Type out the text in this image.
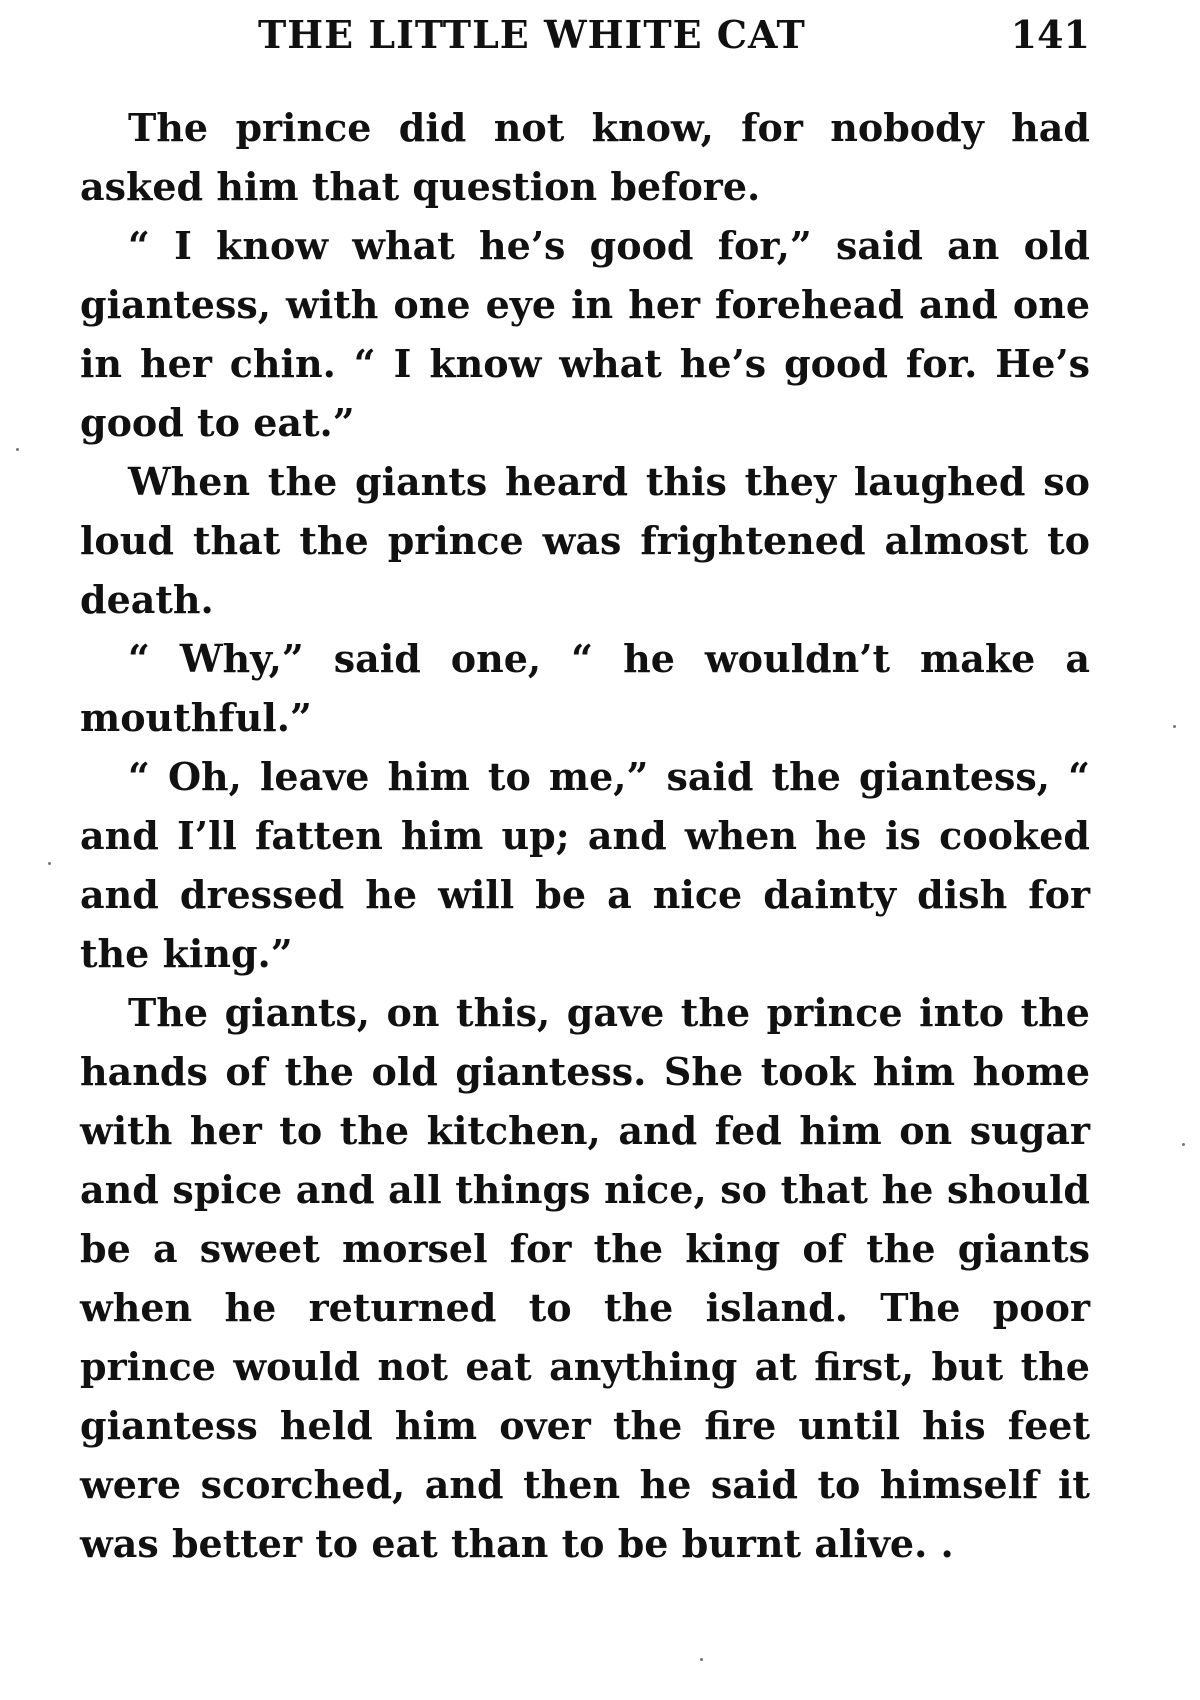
THE LITTLE WHITE CAT	141

The prince did not know, for nobody had asked him that question before.

“ I know what he’s good for,” said an old giantess, with one eye in her forehead and one in her chin. “ I know what he’s good for. He’s good to eat.”

When the giants heard this they laughed so loud that the prince was frightened almost to death.

“ Why,” said one, “ he wouldn’t make a mouthful.”

“ Oh, leave him to me,” said the giantess, “ and I’ll fatten him up; and when he is cooked and dressed he will be a nice dainty dish for the king.”

The giants, on this, gave the prince into the hands of the old giantess. She took him home with her to the kitchen, and fed him on sugar and spice and all things nice, so that he should be a sweet morsel for the king of the giants when he returned to the island. The poor prince would not eat anything at first, but the giantess held him over the fire until his feet were scorched, and then he said to himself it was better to eat than to be burnt alive. .
